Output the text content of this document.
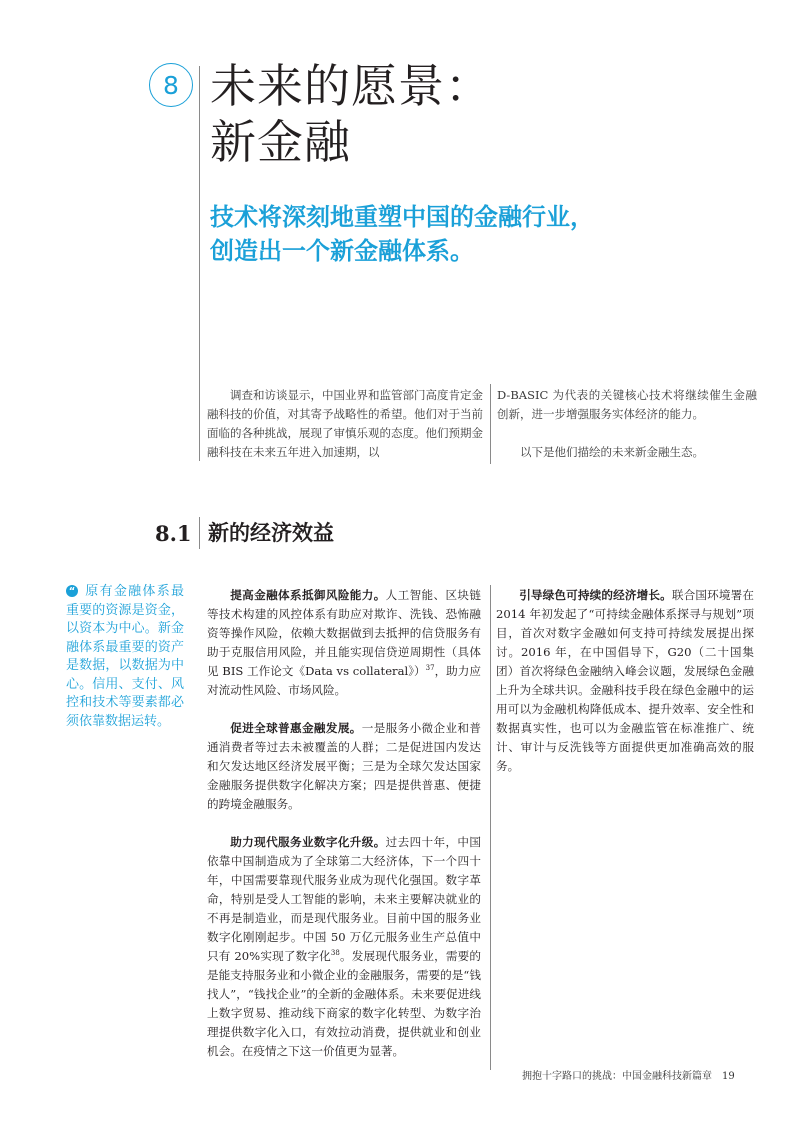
8 未来的愿景：
新金融
技术将深刻地重塑中国的金融行业，
创造出一个新金融体系。

调查和访谈显示，中国业界和监管部门高度肯定金融科技的价值，对其寄予战略性的希望。他们对于当前面临的各种挑战，展现了审慎乐观的态度。他们预期金融科技在未来五年进入加速期，以

D-BASIC 为代表的关键核心技术将继续催生金融创新，进一步增强服务实体经济的能力。

以下是他们描绘的未来新金融生态。

8.1 新的经济效益
“ 原有金融体系最重要的资源是资金，以资本为中心。新金融体系最重要的资产是数据，以数据为中心。信用、支付、风控和技术等要素都必须依靠数据运转。

提高金融体系抵御风险能力。人工智能、区块链等技术构建的风控体系有助应对欺诈、洗钱、恐怖融资等操作风险，依赖大数据做到去抵押的信贷服务有助于克服信用风险，并且能实现信贷逆周期性（具体见 BIS 工作论文《Data vs collateral》）$^{37}$，助力应对流动性风险、市场风险。

促进全球普惠金融发展。一是服务小微企业和普通消费者等过去未被覆盖的人群；二是促进国内发达和欠发达地区经济发展平衡；三是为全球欠发达国家金融服务提供数字化解决方案；四是提供普惠、便捷的跨境金融服务。

助力现代服务业数字化升级。过去四十年，中国依靠中国制造成为了全球第二大经济体，下一个四十年，中国需要靠现代服务业成为现代化强国。数字革命，特别是受人工智能的影响，未来主要解决就业的不再是制造业，而是现代服务业。目前中国的服务业数字化刚刚起步。中国 50 万亿元服务业生产总值中只有 20%实现了数字化$^{38}$。发展现代服务业，需要的是能支持服务业和小微企业的金融服务，需要的是“钱找人”，“钱找企业”的全新的金融体系。未来要促进线上数字贸易、推动线下商家的数字化转型、为数字治理提供数字化入口，有效拉动消费，提供就业和创业机会。在疫情之下这一价值更为显著。

引导绿色可持续的经济增长。联合国环境署在 2014 年初发起了“可持续金融体系探寻与规划”项目，首次对数字金融如何支持可持续发展提出探讨。2016 年，在中国倡导下，G20（二十国集团）首次将绿色金融纳入峰会议题，发展绿色金融上升为全球共识。金融科技手段在绿色金融中的运用可以为金融机构降低成本、提升效率、安全性和数据真实性，也可以为金融监管在标准推广、统计、审计与反洗钱等方面提供更加准确高效的服务。

拥抱十字路口的挑战：中国金融科技新篇章 19
